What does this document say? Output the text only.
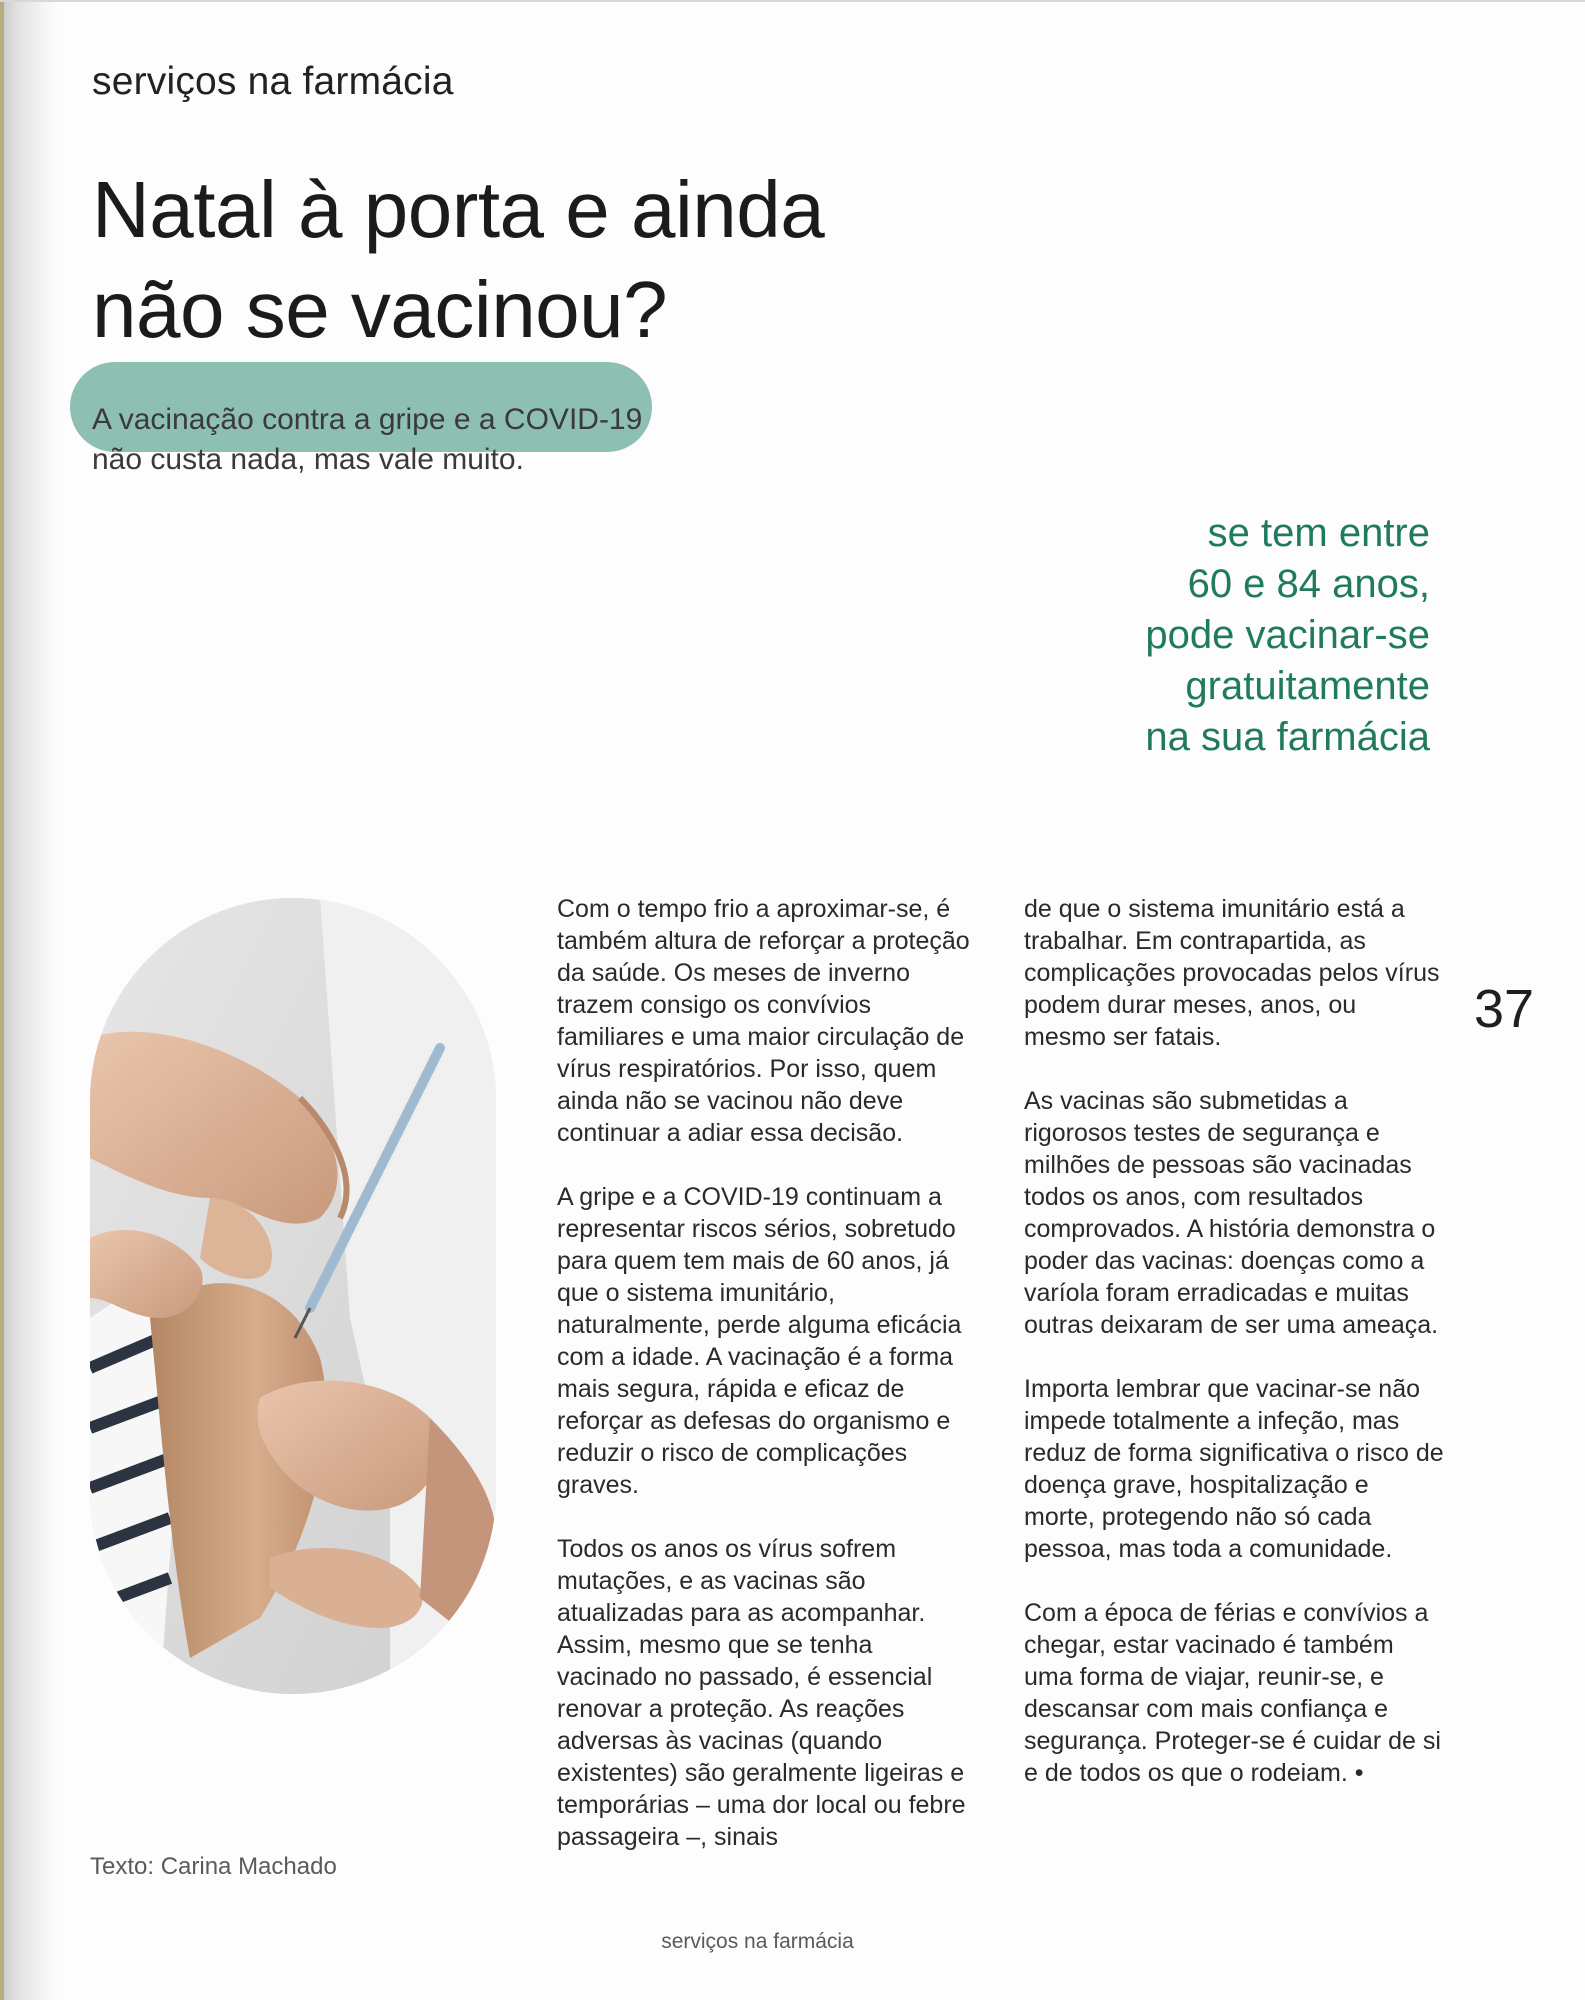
serviços na farmácia
Natal à porta e ainda

não se vacinou?

A vacinação contra a gripe e a COVID-19
não custa nada, mas vale muito.

se tem entre
60 e 84 anos,
pode vacinar-se
gratuitamente
na sua farmácia

Com o tempo frio a aproximar-se, é também altura de reforçar a proteção da saúde. Os meses de inverno trazem consigo os convívios familiares e uma maior circulação de vírus respiratórios. Por isso, quem ainda não se vacinou não deve continuar a adiar essa decisão.

A gripe e a COVID-19 continuam a representar riscos sérios, sobretudo para quem tem mais de 60 anos, já que o sistema imunitário, naturalmente, perde alguma eficácia com a idade. A vacinação é a forma mais segura, rápida e eficaz de reforçar as defesas do organismo e reduzir o risco de complicações graves.

Todos os anos os vírus sofrem mutações, e as vacinas são atualizadas para as acompanhar. Assim, mesmo que se tenha vacinado no passado, é essencial renovar a proteção. As reações adversas às vacinas (quando existentes) são geralmente ligeiras e temporárias – uma dor local ou febre passageira –, sinais

de que o sistema imunitário está a trabalhar. Em contrapartida, as complicações provocadas pelos vírus podem durar meses, anos, ou mesmo ser fatais.

As vacinas são submetidas a rigorosos testes de segurança e milhões de pessoas são vacinadas todos os anos, com resultados comprovados. A história demonstra o poder das vacinas: doenças como a varíola foram erradicadas e muitas outras deixaram de ser uma ameaça.

Importa lembrar que vacinar-se não impede totalmente a infeção, mas reduz de forma significativa o risco de doença grave, hospitalização e morte, protegendo não só cada pessoa, mas toda a comunidade.

Com a época de férias e convívios a chegar, estar vacinado é também uma forma de viajar, reunir-se, e descansar com mais confiança e segurança. Proteger-se é cuidar de si e de todos os que o rodeiam. •

37

Texto: Carina Machado

serviços na farmácia
